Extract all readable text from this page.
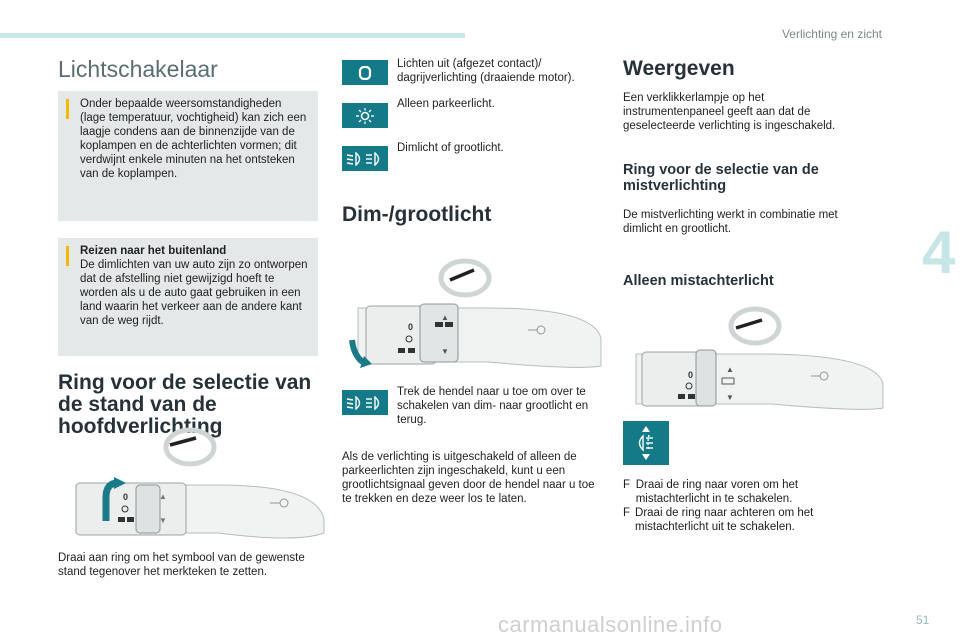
Verlichting en zicht
4
Lichtschakelaar
Onder bepaalde weersomstandigheden (lage temperatuur, vochtigheid) kan zich een laagje condens aan de binnenzijde van de koplampen en de achterlichten vormen; dit verdwijnt enkele minuten na het ontsteken van de koplampen.
Reizen naar het buitenland
De dimlichten van uw auto zijn zo ontworpen dat de afstelling niet gewijzigd hoeft te worden als u de auto gaat gebruiken in een land waarin het verkeer aan de andere kant van de weg rijdt.
Ring voor de selectie van de stand van de hoofdverlichting
0	▲
▼
Draai aan ring om het symbool van de gewenste stand tegenover het merkteken te zetten.
Lichten uit (afgezet contact)/ dagrijverlichting (draaiende motor).
Alleen parkeerlicht.
Dimlicht of grootlicht.
Dim-/grootlicht
0
▲
▼
Trek de hendel naar u toe om over te schakelen van dim- naar grootlicht en terug.
Als de verlichting is uitgeschakeld of alleen de parkeerlichten zijn ingeschakeld, kunt u een grootlichtsignaal geven door de hendel naar u toe te trekken en deze weer los te laten.
Weergeven
Een verklikkerlampje op het instrumentenpaneel geeft aan dat de geselecteerde verlichting is ingeschakeld.
Ring voor de selectie van de mistverlichting
De mistverlichting werkt in combinatie met dimlicht en grootlicht.
Alleen mistachterlicht
0
▲
▼
F Draai de ring naar voren om het mistachterlicht in te schakelen.
F Draai de ring naar achteren om het mistachterlicht uit te schakelen.
carmanualsonline.info	51
